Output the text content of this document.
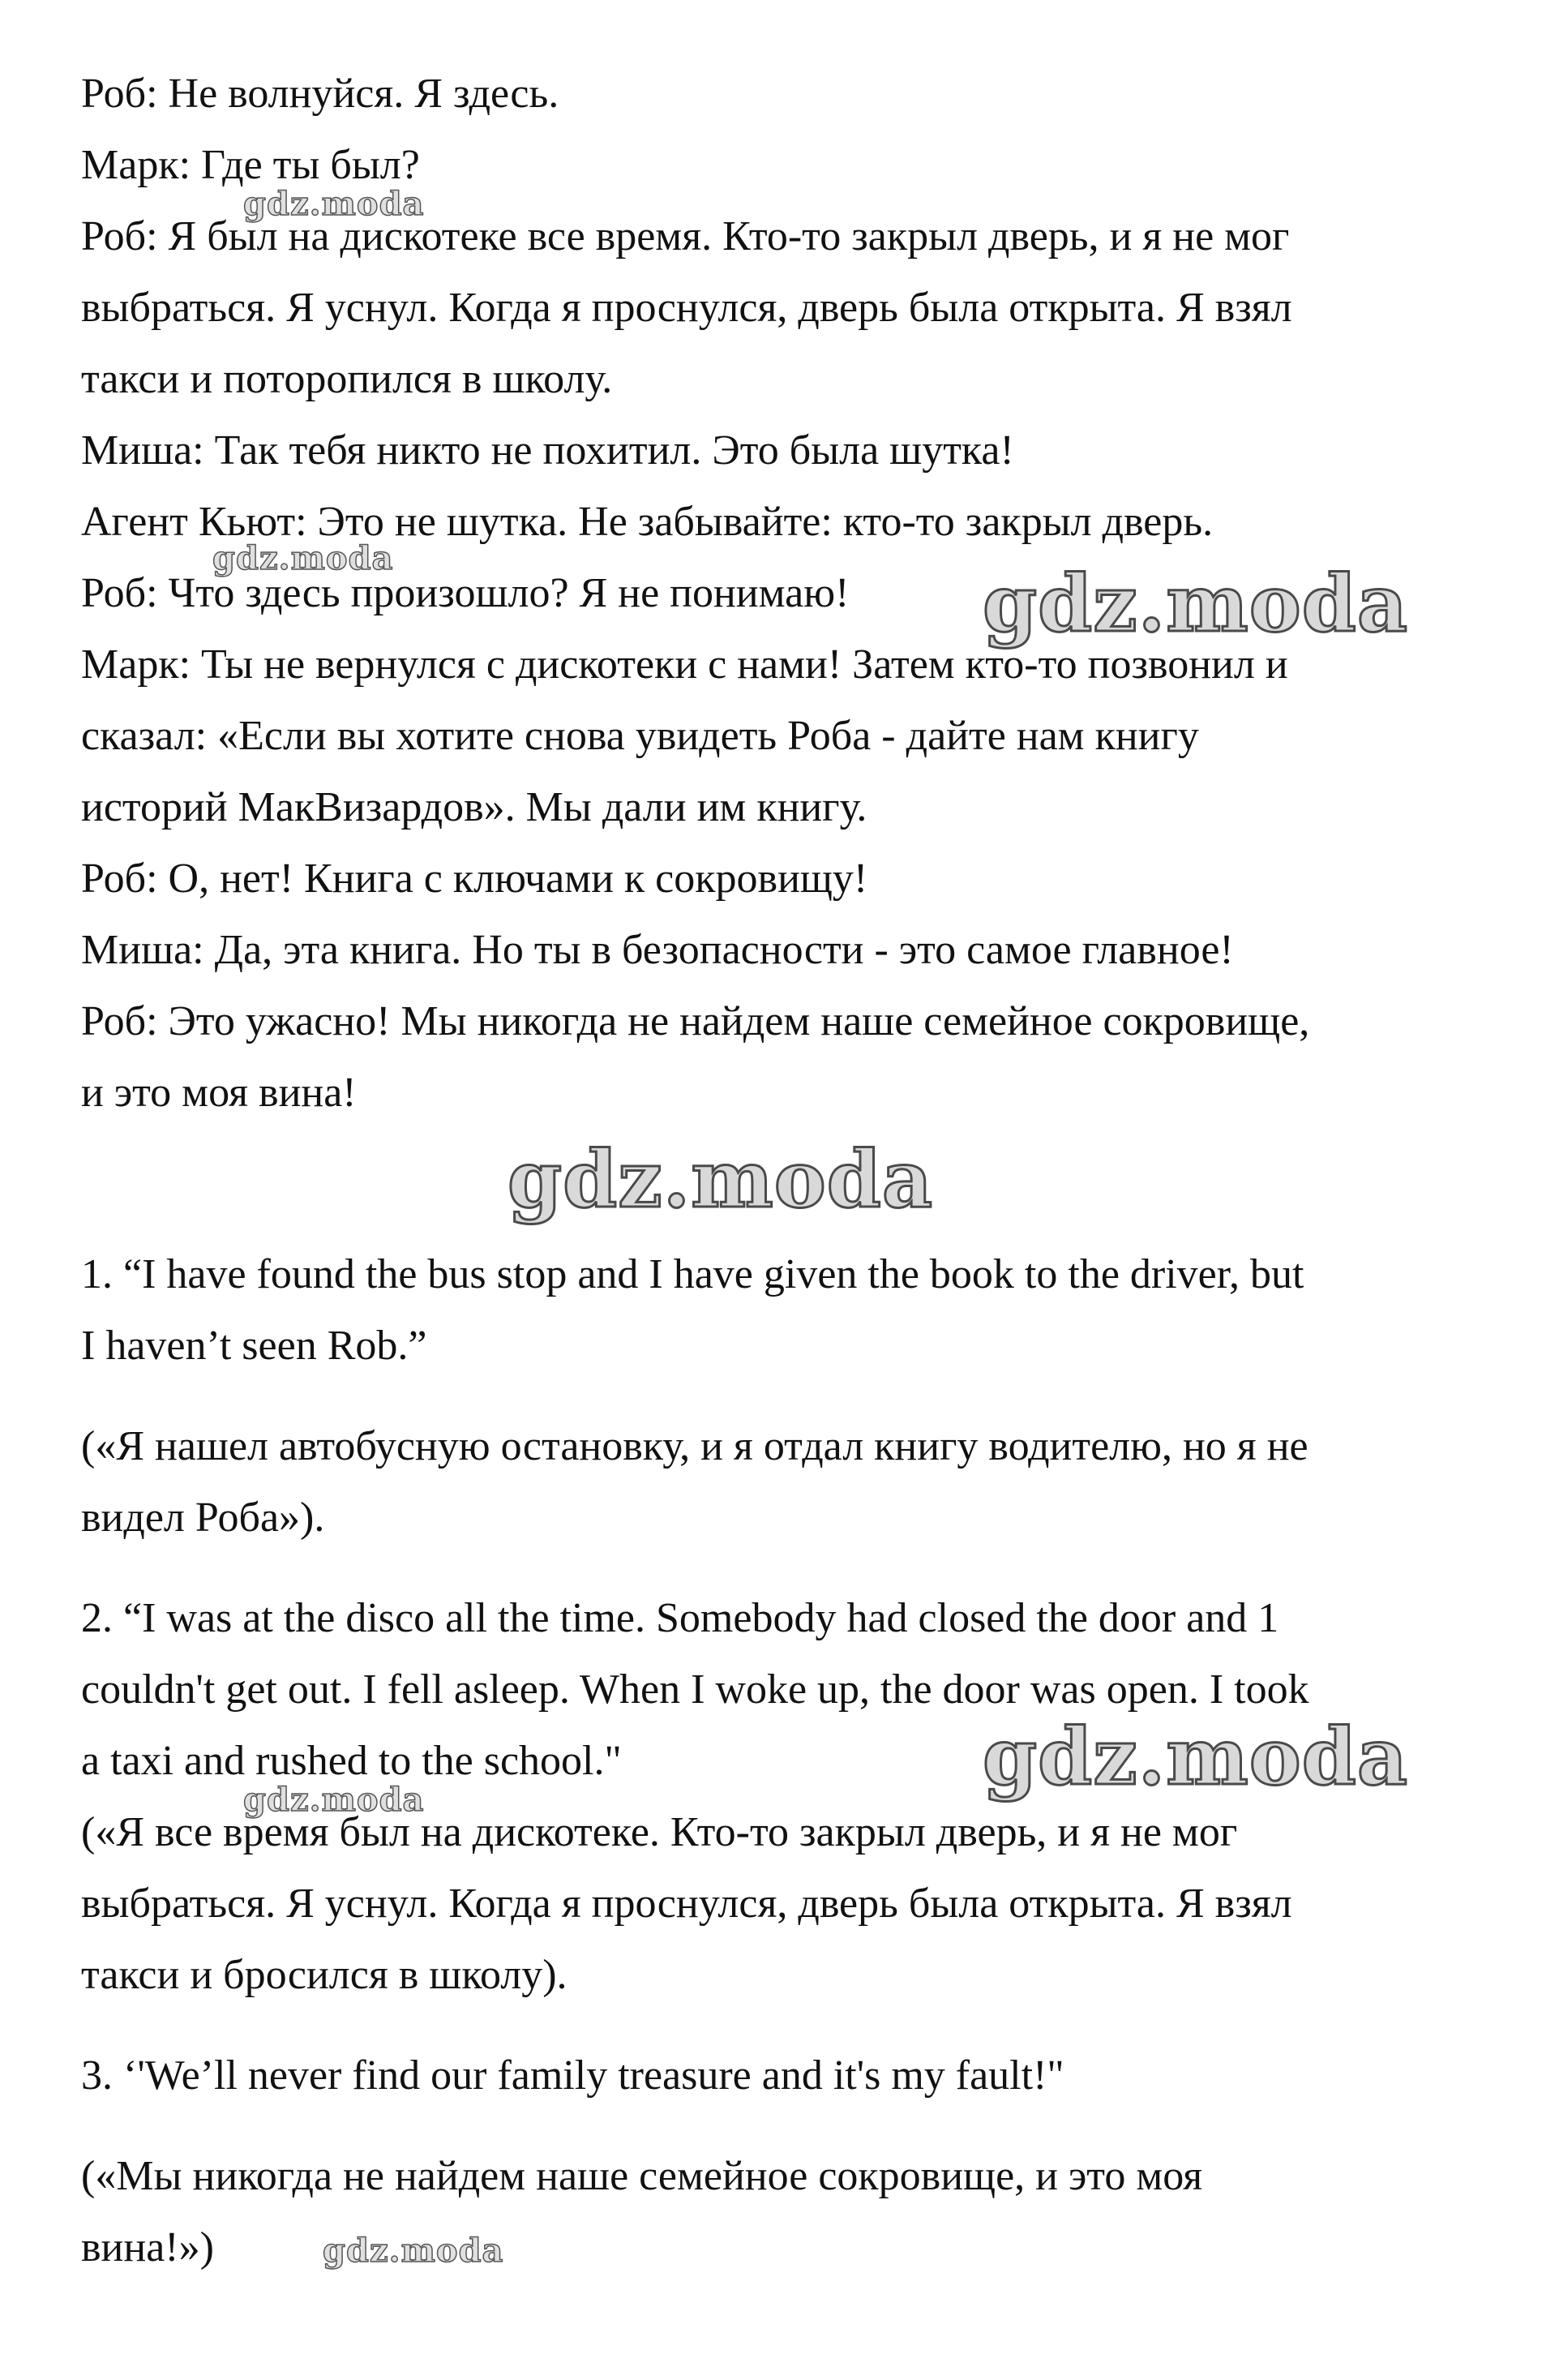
Роб: Не волнуйся. Я здесь.

Марк: Где ты был?

Роб: Я был на дискотеке все время. Кто-то закрыл дверь, и я не мог

выбраться. Я уснул. Когда я проснулся, дверь была открыта. Я взял

такси и поторопился в школу.

Миша: Так тебя никто не похитил. Это была шутка!

Агент Кьют: Это не шутка. Не забывайте: кто-то закрыл дверь.

Роб: Что здесь произошло? Я не понимаю!

Марк: Ты не вернулся с дискотеки с нами! Затем кто-то позвонил и

сказал: «Если вы хотите снова увидеть Роба - дайте нам книгу

историй МакВизардов». Мы дали им книгу.

Роб: О, нет! Книга с ключами к сокровищу!

Миша: Да, эта книга. Но ты в безопасности - это самое главное!

Роб: Это ужасно! Мы никогда не найдем наше семейное сокровище,

и это моя вина!

1. “I have found the bus stop and I have given the book to the driver, but

I haven’t seen Rob.”

(«Я нашел автобусную остановку, и я отдал книгу водителю, но я не

видел Роба»).

2. “I was at the disco all the time. Somebody had closed the door and 1

couldn't get out. I fell asleep. When I woke up, the door was open. I took

a taxi and rushed to the school."

(«Я все время был на дискотеке. Кто-то закрыл дверь, и я не мог

выбраться. Я уснул. Когда я проснулся, дверь была открыта. Я взял

такси и бросился в школу).

3. ‘'We’ll never find our family treasure and it's my fault!"

(«Мы никогда не найдем наше семейное сокровище, и это моя

вина!»)

gdz.moda
gdz.moda	gdz.moda
gdz.moda
gdz.moda
gdz.moda
gdz.moda
